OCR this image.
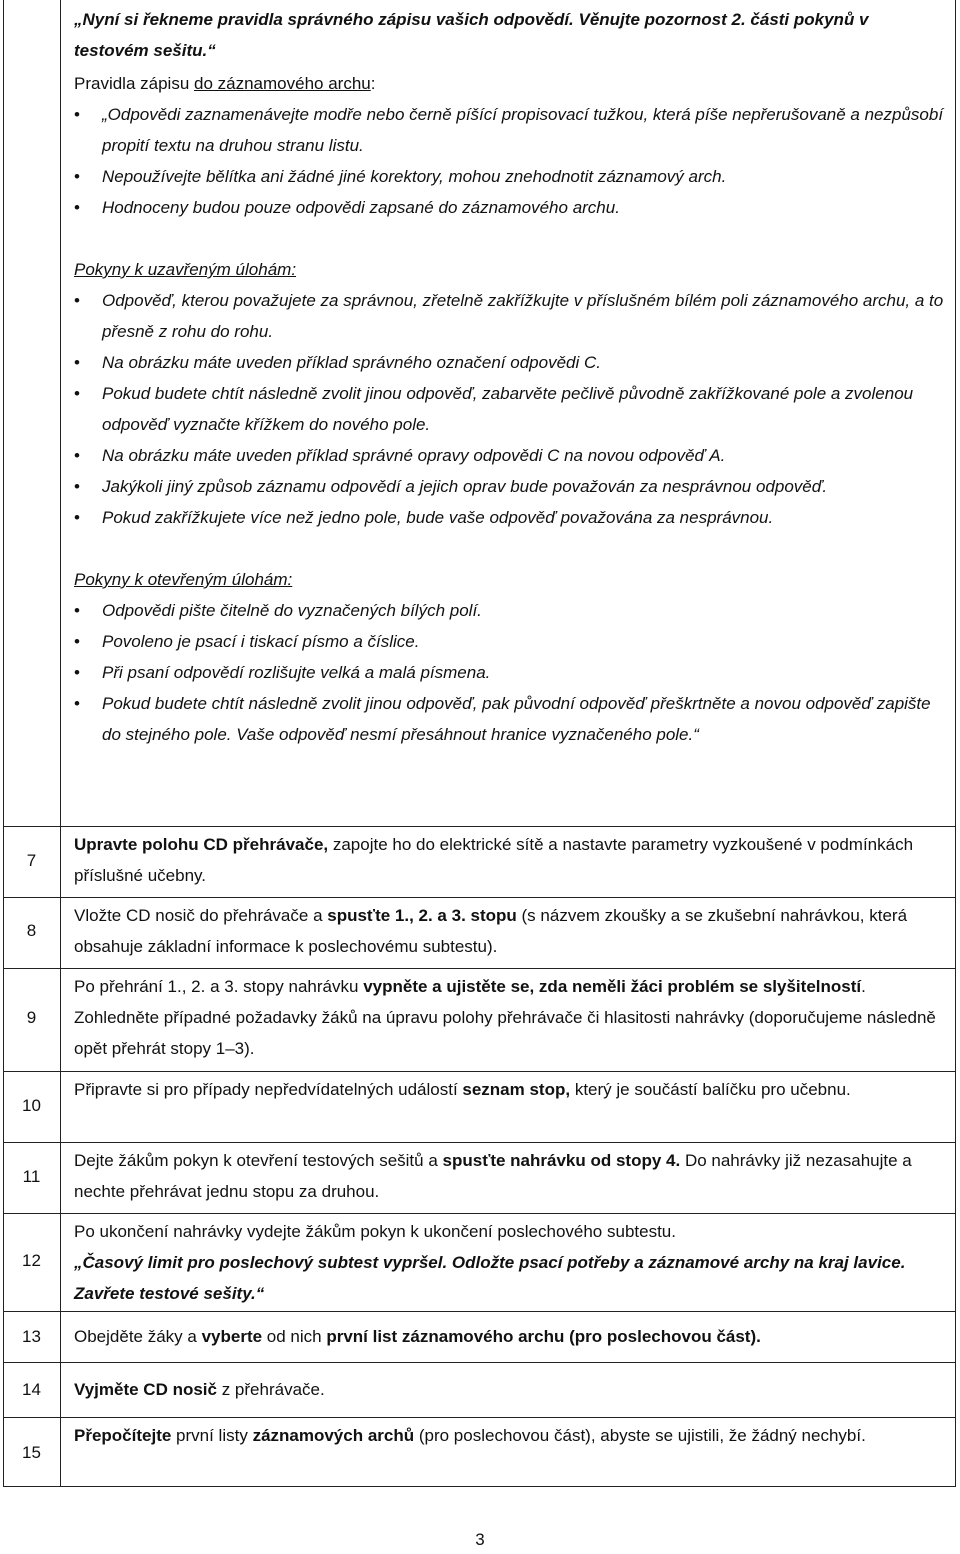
„Nyní si řekneme pravidla správného zápisu vašich odpovědí. Věnujte pozornost 2. části pokynů v testovém sešitu.“
Pravidla zápisu do záznamového archu:
• „Odpovědi zaznamenávejte modře nebo černě píšící propisovací tužkou, která píše nepřerušovaně a nezpůsobí propití textu na druhou stranu listu.
• Nepoužívejte bělítka ani žádné jiné korektory, mohou znehodnotit záznamový arch.
• Hodnoceny budou pouze odpovědi zapsané do záznamového archu.
Pokyny k uzavřeným úlohám:
• Odpověď, kterou považujete za správnou, zřetelně zakřížkujte v příslušném bílém poli záznamového archu, a to přesně z rohu do rohu.
• Na obrázku máte uveden příklad správného označení odpovědi C.
• Pokud budete chtít následně zvolit jinou odpověď, zabarvěte pečlivě původně zakřížkované pole a zvolenou odpověď vyznačte křížkem do nového pole.
• Na obrázku máte uveden příklad správné opravy odpovědi C na novou odpověď A.
• Jakýkoli jiný způsob záznamu odpovědí a jejich oprav bude považován za nesprávnou odpověď.
• Pokud zakřížkujete více než jedno pole, bude vaše odpověď považována za nesprávnou.
Pokyny k otevřeným úlohám:
• Odpovědi pište čitelně do vyznačených bílých polí.
• Povoleno je psací i tiskací písmo a číslice.
• Při psaní odpovědí rozlišujte velká a malá písmena.
• Pokud budete chtít následně zvolit jinou odpověď, pak původní odpověď přeškrtněte a novou odpověď zapište do stejného pole. Vaše odpověď nesmí přesáhnout hranice vyznačeného pole.“
7
Upravte polohu CD přehrávače, zapojte ho do elektrické sítě a nastavte parametry vyzkoušené v podmínkách příslušné učebny.
8
Vložte CD nosič do přehrávače a spusťte 1., 2. a 3. stopu (s názvem zkoušky a se zkušební nahrávkou, která obsahuje základní informace k poslechovému subtestu).
9
Po přehrání 1., 2. a 3. stopy nahrávku vypněte a ujistěte se, zda neměli žáci problém se slyšitelností. Zohledněte případné požadavky žáků na úpravu polohy přehrávače či hlasitosti nahrávky (doporučujeme následně opět přehrát stopy 1–3).
10
Připravte si pro případy nepředvídatelných událostí seznam stop, který je součástí balíčku pro učebnu.
11
Dejte žákům pokyn k otevření testových sešitů a spusťte nahrávku od stopy 4. Do nahrávky již nezasahujte a nechte přehrávat jednu stopu za druhou.
12
Po ukončení nahrávky vydejte žákům pokyn k ukončení poslechového subtestu.
„Časový limit pro poslechový subtest vypršel. Odložte psací potřeby a záznamové archy na kraj lavice. Zavřete testové sešity.“
13	Obejděte žáky a vyberte od nich první list záznamového archu (pro poslechovou část).
14	Vyjměte CD nosič z přehrávače.
15
Přepočítejte první listy záznamových archů (pro poslechovou část), abyste se ujistili, že žádný nechybí.
3
